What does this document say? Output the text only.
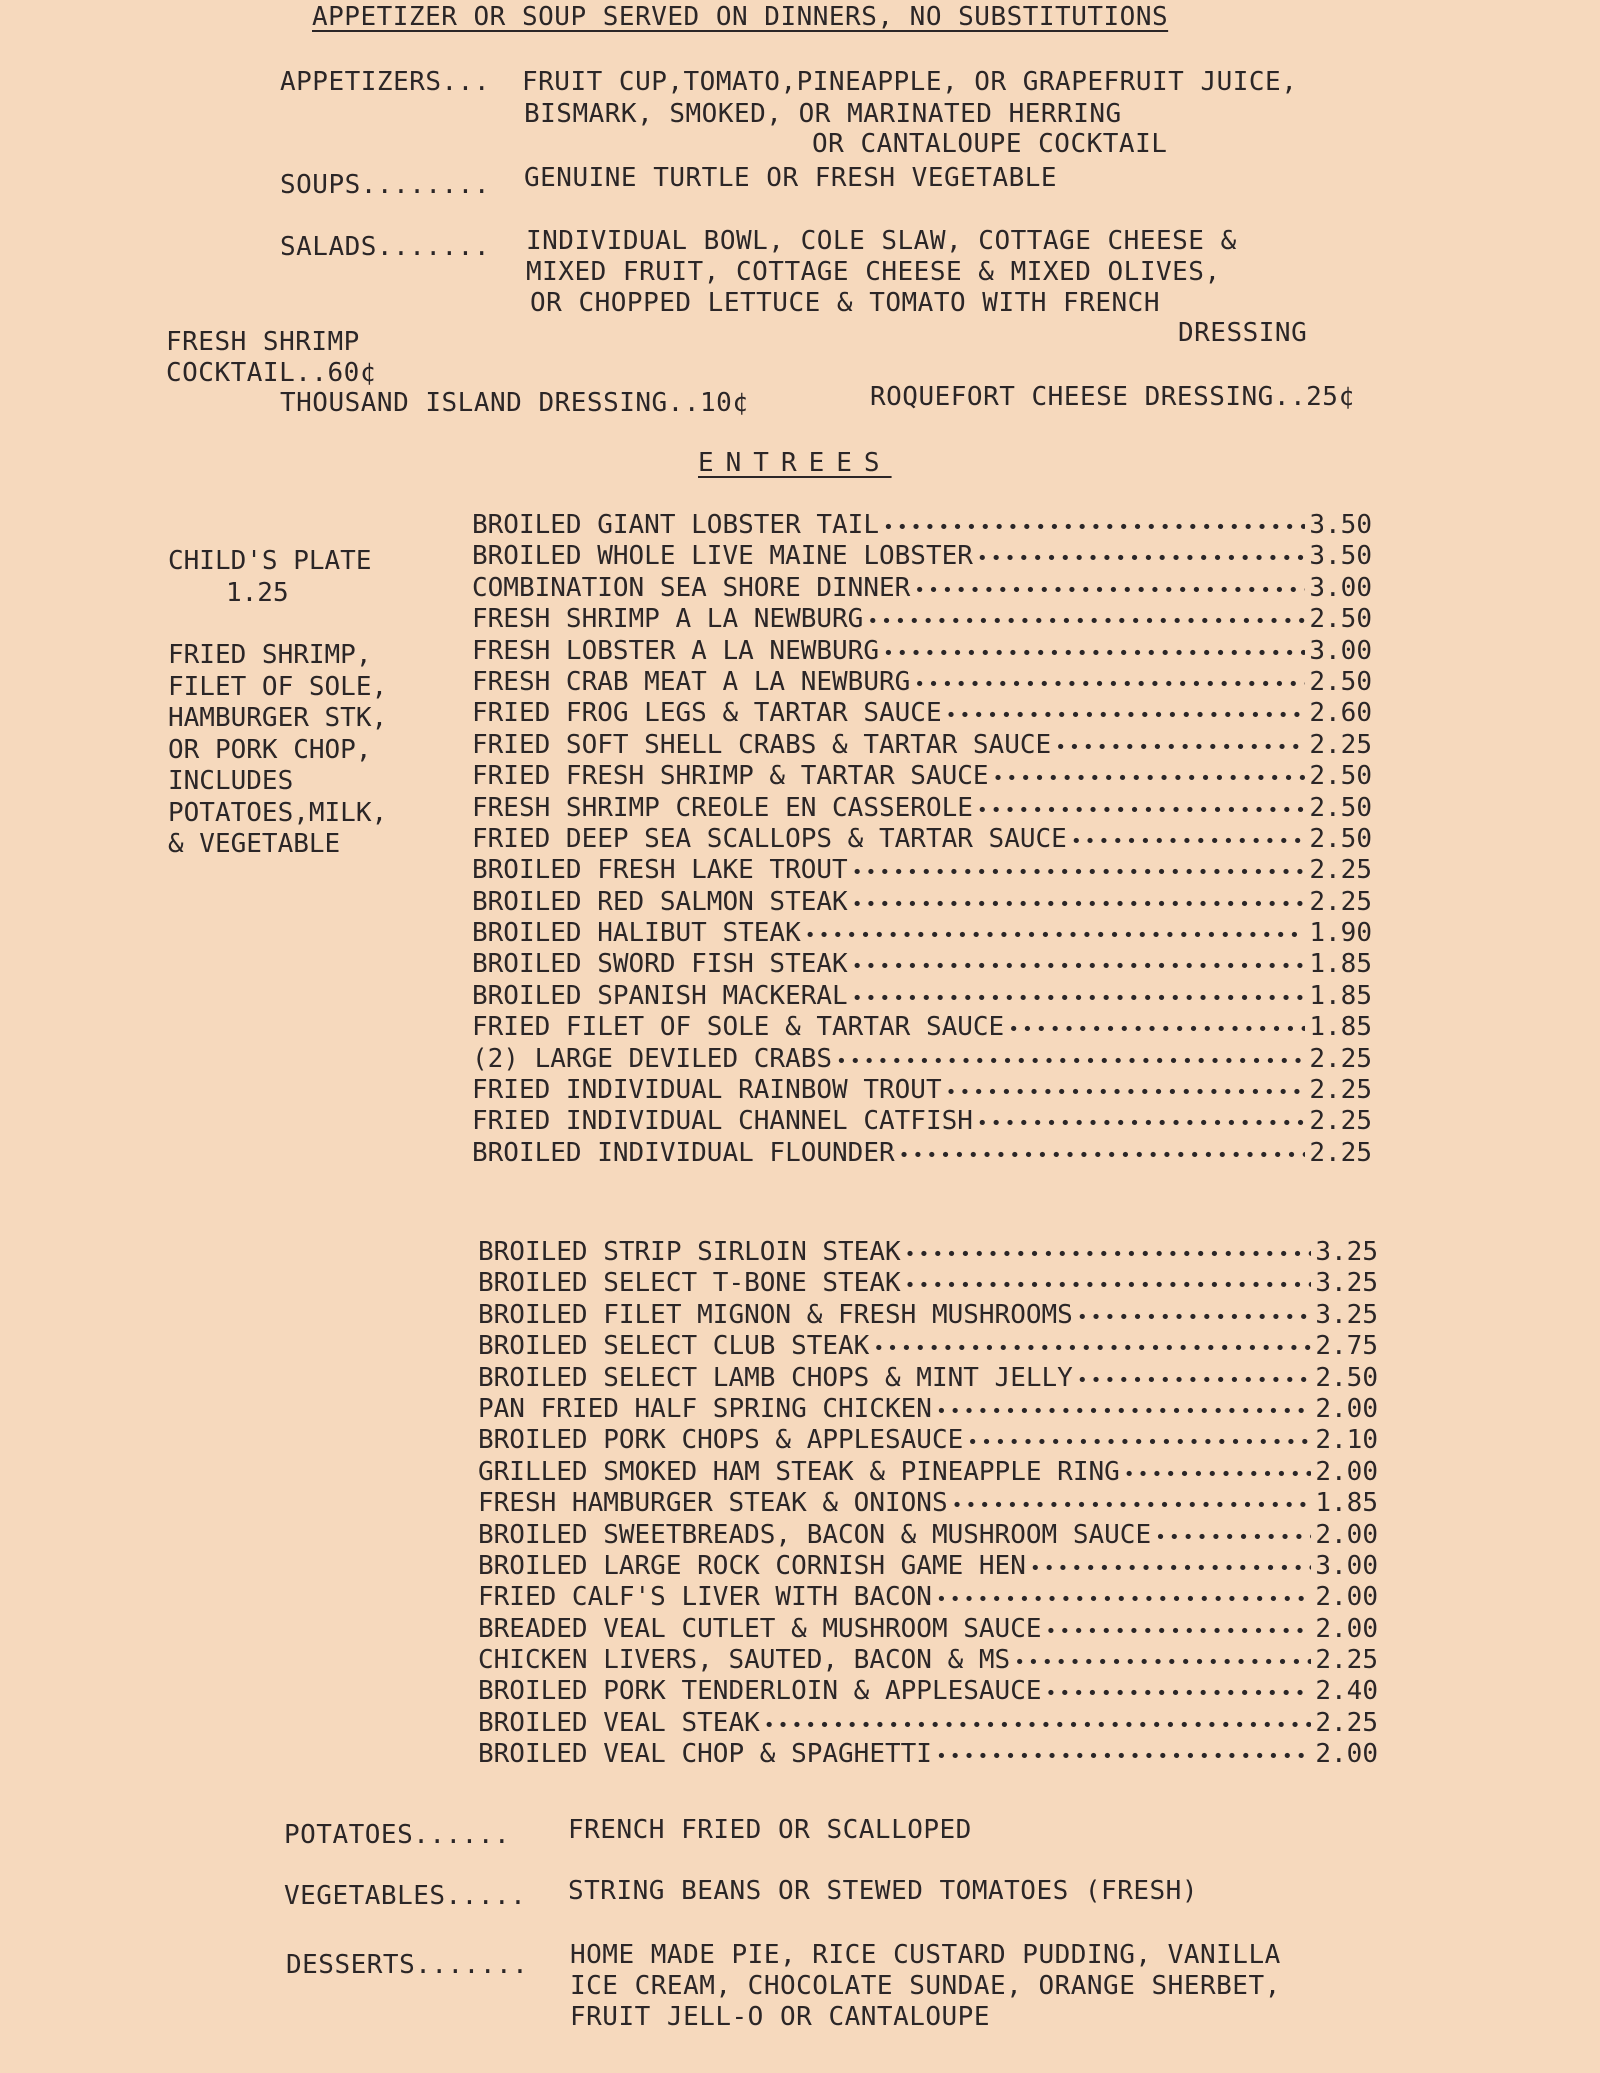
APPETIZER OR SOUP SERVED ON DINNERS, NO SUBSTITUTIONS
APPETIZERS... FRUIT CUP,TOMATO,PINEAPPLE, OR GRAPEFRUIT JUICE,
BISMARK, SMOKED, OR MARINATED HERRING
OR CANTALOUPE COCKTAIL
SOUPS........ GENUINE TURTLE OR FRESH VEGETABLE
SALADS....... INDIVIDUAL BOWL, COLE SLAW, COTTAGE CHEESE &
MIXED FRUIT, COTTAGE CHEESE & MIXED OLIVES,
OR CHOPPED LETTUCE & TOMATO WITH FRENCH
DRESSING
FRESH SHRIMP
COCKTAIL..60¢
THOUSAND ISLAND DRESSING..10¢	ROQUEFORT CHEESE DRESSING..25¢
ENTREES
CHILD'S PLATE
1.25
FRIED SHRIMP,
FILET OF SOLE,
HAMBURGER STK,
OR PORK CHOP,
INCLUDES
POTATOES,MILK,
& VEGETABLE
BROILED GIANT LOBSTER TAIL •••••	3.50
BROILED WHOLE LIVE MAINE LOBSTER •••••	3.50
COMBINATION SEA SHORE DINNER •••••	3.00
FRESH SHRIMP A LA NEWBURG •••••	2.50
FRESH LOBSTER A LA NEWBURG •••••	3.00
FRESH CRAB MEAT A LA NEWBURG •••••	2.50
FRIED FROG LEGS & TARTAR SAUCE •••••	2.60
FRIED SOFT SHELL CRABS & TARTAR SAUCE •••••	2.25
FRIED FRESH SHRIMP & TARTAR SAUCE •••••	2.50
FRESH SHRIMP CREOLE EN CASSEROLE •••••	2.50
FRIED DEEP SEA SCALLOPS & TARTAR SAUCE •••••	2.50
BROILED FRESH LAKE TROUT •••••	2.25
BROILED RED SALMON STEAK •••••	2.25
BROILED HALIBUT STEAK •••••	1.90
BROILED SWORD FISH STEAK •••••	1.85
BROILED SPANISH MACKERAL •••••	1.85
FRIED FILET OF SOLE & TARTAR SAUCE •••••	1.85
(2) LARGE DEVILED CRABS •••••	2.25
FRIED INDIVIDUAL RAINBOW TROUT •••••	2.25
FRIED INDIVIDUAL CHANNEL CATFISH •••••	2.25
BROILED INDIVIDUAL FLOUNDER •••••	2.25
BROILED STRIP SIRLOIN STEAK •••••	3.25
BROILED SELECT T-BONE STEAK •••••	3.25
BROILED FILET MIGNON & FRESH MUSHROOMS •••••	3.25
BROILED SELECT CLUB STEAK •••••	2.75
BROILED SELECT LAMB CHOPS & MINT JELLY •••••	2.50
PAN FRIED HALF SPRING CHICKEN •••••	2.00
BROILED PORK CHOPS & APPLESAUCE •••••	2.10
GRILLED SMOKED HAM STEAK & PINEAPPLE RING •••••	2.00
FRESH HAMBURGER STEAK & ONIONS •••••	1.85
BROILED SWEETBREADS, BACON & MUSHROOM SAUCE •••••	2.00
BROILED LARGE ROCK CORNISH GAME HEN •••••	3.00
FRIED CALF'S LIVER WITH BACON •••••	2.00
BREADED VEAL CUTLET & MUSHROOM SAUCE •••••	2.00
CHICKEN LIVERS, SAUTED, BACON & MS •••••	2.25
BROILED PORK TENDERLOIN & APPLESAUCE •••••	2.40
BROILED VEAL STEAK •••••	2.25
BROILED VEAL CHOP & SPAGHETTI •••••	2.00
POTATOES...... FRENCH FRIED OR SCALLOPED
VEGETABLES..... STRING BEANS OR STEWED TOMATOES (FRESH)
DESSERTS....... HOME MADE PIE, RICE CUSTARD PUDDING, VANILLA
ICE CREAM, CHOCOLATE SUNDAE, ORANGE SHERBET,
FRUIT JELL-O OR CANTALOUPE
